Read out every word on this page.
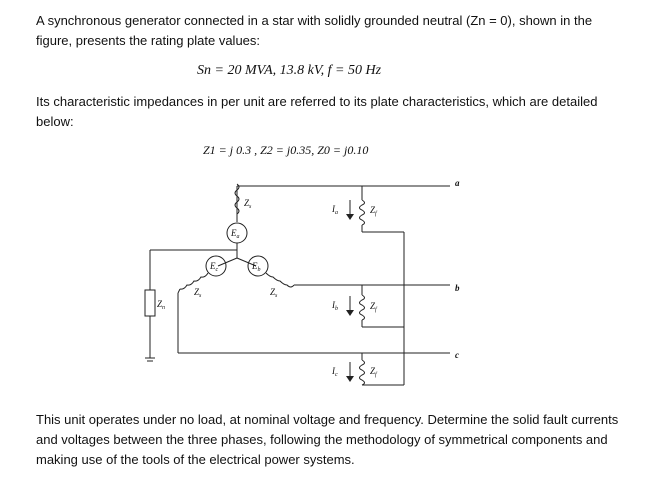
A synchronous generator connected in a star with solidly grounded neutral (Zn = 0), shown in the figure, presents the rating plate values:
Sn = 20 MVA, 13.8 kV, f = 50 Hz
Its characteristic impedances in per unit are referred to its plate characteristics, which are detailed below:
Z1 = j 0.3 , Z2 = j0.35, Z0 = j0.10
$Z_s$
$E_a$
$E_c$	$E_b$
$Z_s$	$Z_s$
$Z_n$
$I_a$
$I_b$
$I_c$
$Z_f$
$Z_f$
$Z_f$
a
b
c
This unit operates under no load, at nominal voltage and frequency. Determine the solid fault currents and voltages between the three phases, following the methodology of symmetrical components and making use of the tools of the electrical power systems.
